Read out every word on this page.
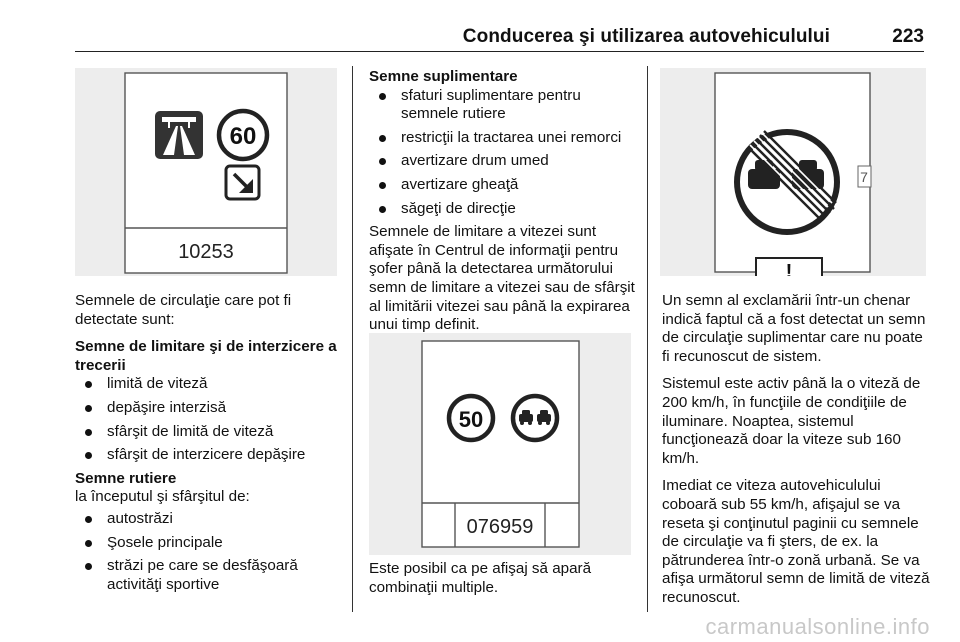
Conducerea şi utilizarea autovehiculului	223
60
10253

Semnele de circulaţie care pot fi detectate sunt:

Semne de limitare şi de interzicere a trecerii

limită de viteză
depăşire interzisă
sfârşit de limită de viteză
sfârşit de interzicere depăşire

Semne rutiere

la începutul şi sfârşitul de:

autostrăzi
Şosele principale
străzi pe care se desfăşoară activităţi sportive

Semne suplimentare

sfaturi suplimentare pentru semnele rutiere
restricţii la tractarea unei remorci
avertizare drum umed
avertizare gheaţă
săgeţi de direcţie

Semnele de limitare a vitezei sunt afişate în Centrul de informaţii pentru şofer până la detectarea următorului semn de limitare a vitezei sau de sfârşit al limitării vitezei sau până la expirarea unui timp definit.

50
076959

Este posibil ca pe afişaj să apară combinaţii multiple.

7
!

Un semn al exclamării într-un chenar indică faptul că a fost detectat un semn de circulaţie suplimentar care nu poate fi recunoscut de sistem.

Sistemul este activ până la o viteză de 200 km/h, în funcţiile de condiţiile de iluminare. Noaptea, sistemul funcţionează doar la viteze sub 160 km/h.

Imediat ce viteza autovehiculului coboară sub 55 km/h, afişajul se va reseta şi conţinutul paginii cu semnele de circulaţie va fi şters, de ex. la pătrunderea într-o zonă urbană. Se va afişa următorul semn de limită de viteză recunoscut.

carmanualsonline.info
